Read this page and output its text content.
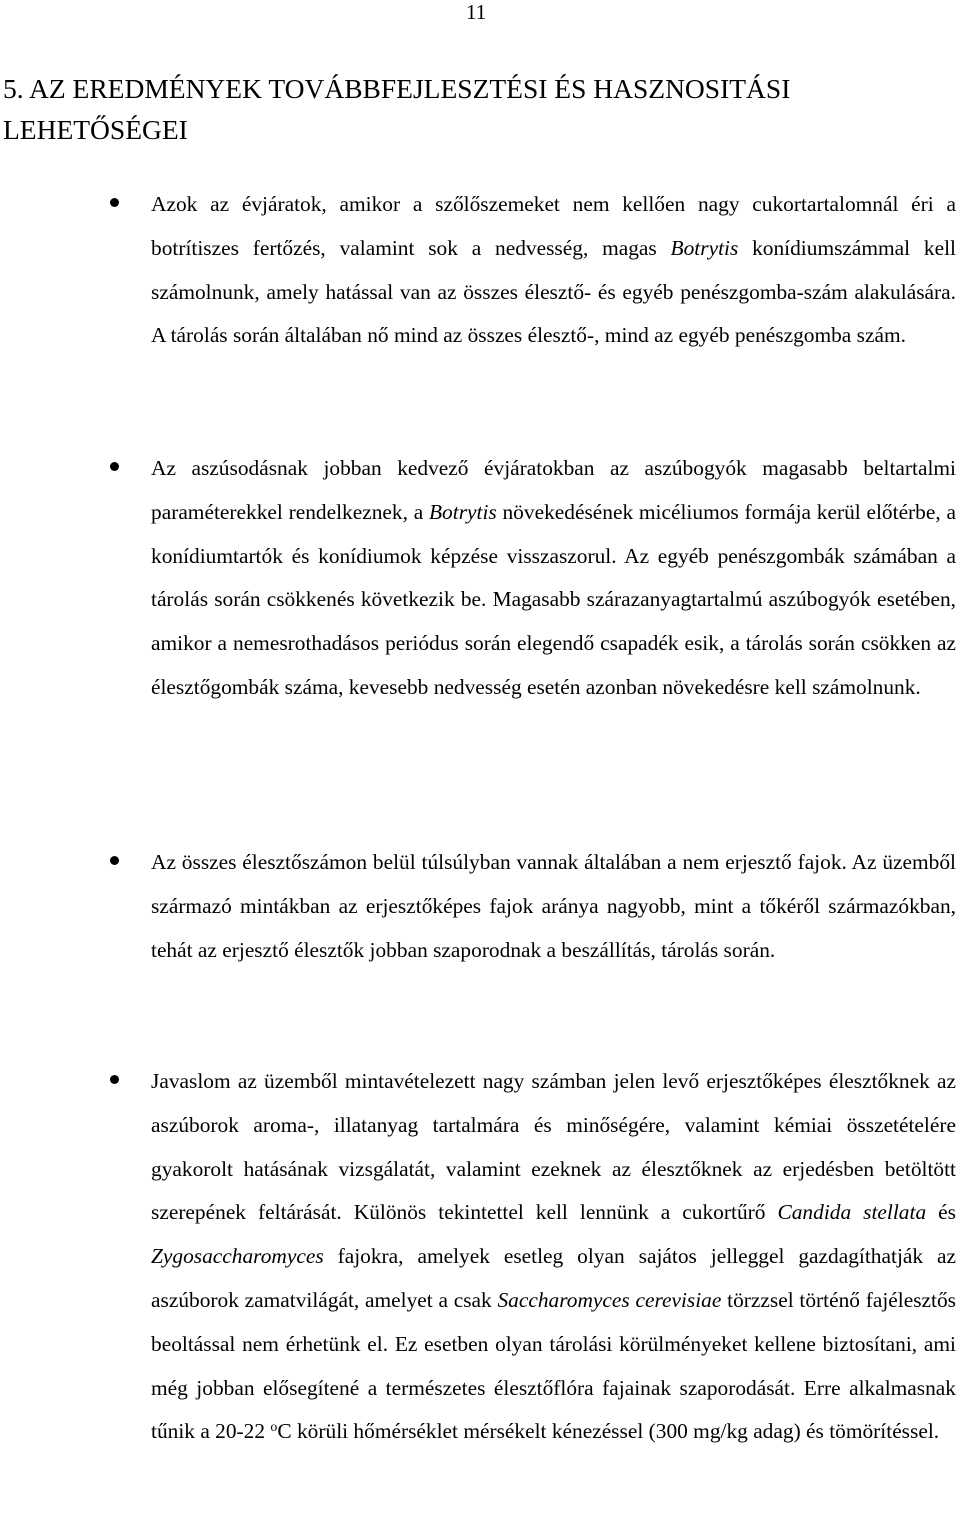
11
5. AZ EREDMÉNYEK TOVÁBBFEJLESZTÉSI ÉS HASZNOSITÁSI LEHETŐSÉGEI
Azok az évjáratok, amikor a szőlőszemeket nem kellően nagy cukortartalomnál éri a botrítiszes fertőzés, valamint sok a nedvesség, magas Botrytis konídiumszámmal kell számolnunk, amely hatással van az összes élesztő- és egyéb penészgomba-szám alakulására. A tárolás során általában nő mind az összes élesztő-, mind az egyéb penészgomba szám.
Az aszúsodásnak jobban kedvező évjáratokban az aszúbogyók magasabb beltartalmi paraméterekkel rendelkeznek, a Botrytis növekedésének micéliumos formája kerül előtérbe, a konídiumtartók és konídiumok képzése visszaszorul. Az egyéb penészgombák számában a tárolás során csökkenés következik be. Magasabb szárazanyagtartalmú aszúbogyók esetében, amikor a nemesrothadásos periódus során elegendő csapadék esik, a tárolás során csökken az élesztőgombák száma, kevesebb nedvesség esetén azonban növekedésre kell számolnunk.
Az összes élesztőszámon belül túlsúlyban vannak általában a nem erjesztő fajok. Az üzemből származó mintákban az erjesztőképes fajok aránya nagyobb, mint a tőkéről származókban, tehát az erjesztő élesztők jobban szaporodnak a beszállítás, tárolás során.
Javaslom az üzemből mintavételezett nagy számban jelen levő erjesztőképes élesztőknek az aszúborok aroma-, illatanyag tartalmára és minőségére, valamint kémiai összetételére gyakorolt hatásának vizsgálatát, valamint ezeknek az élesztőknek az erjedésben betöltött szerepének feltárását. Különös tekintettel kell lennünk a cukortűrő Candida stellata és Zygosaccharomyces fajokra, amelyek esetleg olyan sajátos jelleggel gazdagíthatják az aszúborok zamatvilágát, amelyet a csak Saccharomyces cerevisiae törzzsel történő fajélesztős beoltással nem érhetünk el. Ez esetben olyan tárolási körülményeket kellene biztosítani, ami még jobban elősegítené a természetes élesztőflóra fajainak szaporodását. Erre alkalmasnak tűnik a 20-22 $^o$C körüli hőmérséklet mérsékelt kénezéssel (300 mg/kg adag) és tömörítéssel.
